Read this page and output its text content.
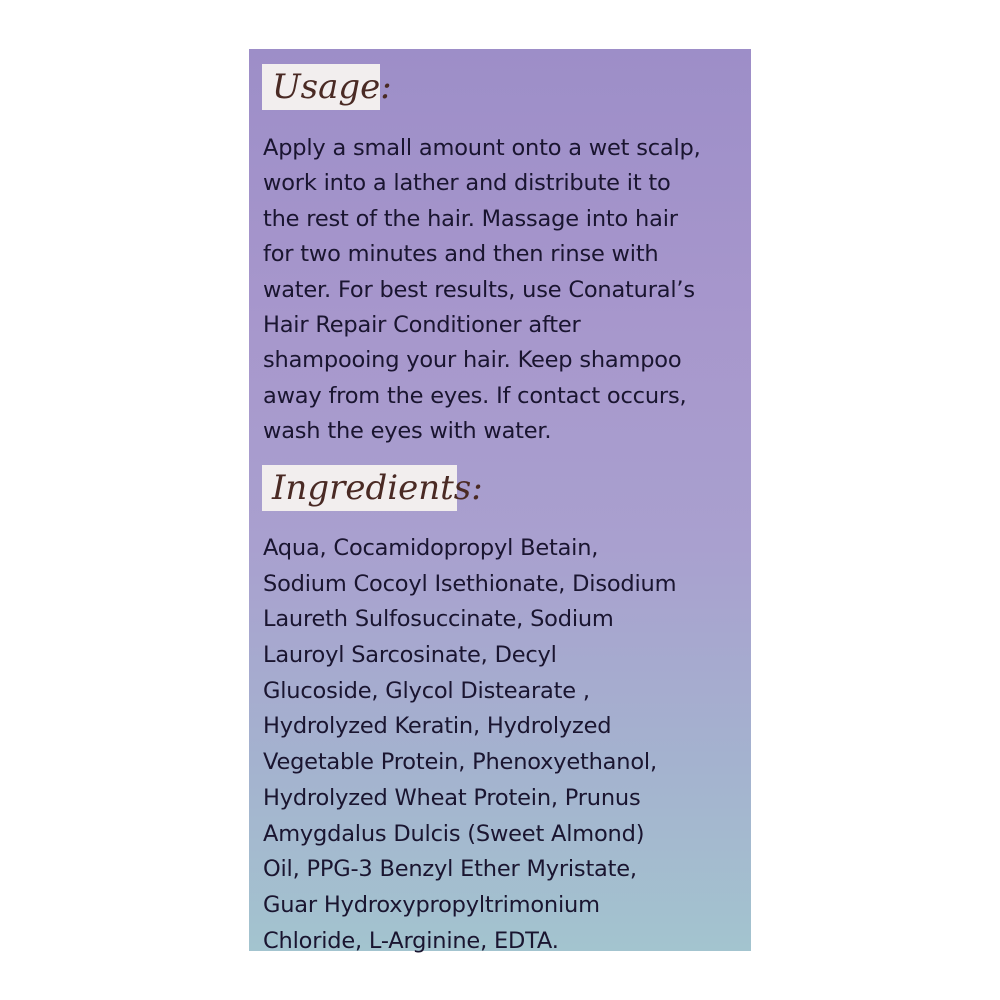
Usage:
Apply a small amount onto a wet scalp,
work into a lather and distribute it to
the rest of the hair. Massage into hair
for two minutes and then rinse with
water. For best results, use Conatural’s
Hair Repair Conditioner after
shampooing your hair. Keep shampoo
away from the eyes. If contact occurs,
wash the eyes with water.
Ingredients:
Aqua, Cocamidopropyl Betain,
Sodium Cocoyl Isethionate, Disodium
Laureth Sulfosuccinate, Sodium
Lauroyl Sarcosinate, Decyl
Glucoside, Glycol Distearate ,
Hydrolyzed Keratin, Hydrolyzed
Vegetable Protein, Phenoxyethanol,
Hydrolyzed Wheat Protein, Prunus
Amygdalus Dulcis (Sweet Almond)
Oil, PPG-3 Benzyl Ether Myristate,
Guar Hydroxypropyltrimonium
Chloride, L-Arginine, EDTA.
